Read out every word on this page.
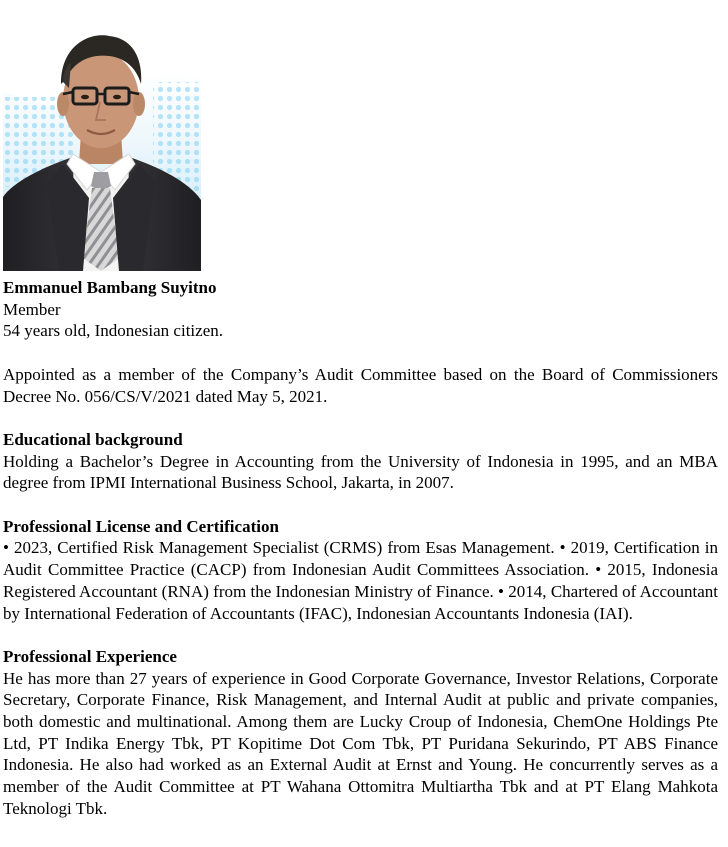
Emmanuel Bambang Suyitno

Member

54 years old, Indonesian citizen.

Appointed as a member of the Company’s Audit Committee based on the Board of Commissioners Decree No. 056/CS/V/2021 dated May 5, 2021.

Educational background

Holding a Bachelor’s Degree in Accounting from the University of Indonesia in 1995, and an MBA degree from IPMI International Business School, Jakarta, in 2007.

Professional License and Certification

• 2023, Certified Risk Management Specialist (CRMS) from Esas Management. • 2019, Certification in Audit Committee Practice (CACP) from Indonesian Audit Committees Association. • 2015, Indonesia Registered Accountant (RNA) from the Indonesian Ministry of Finance. • 2014, Chartered of Accountant by International Federation of Accountants (IFAC), Indonesian Accountants Indonesia (IAI).

Professional Experience

He has more than 27 years of experience in Good Corporate Governance, Investor Relations, Corporate Secretary, Corporate Finance, Risk Management, and Internal Audit at public and private companies, both domestic and multinational. Among them are Lucky Croup of Indonesia, ChemOne Holdings Pte Ltd, PT Indika Energy Tbk, PT Kopitime Dot Com Tbk, PT Puridana Sekurindo, PT ABS Finance Indonesia. He also had worked as an External Audit at Ernst and Young. He concurrently serves as a member of the Audit Committee at PT Wahana Ottomitra Multiartha Tbk and at PT Elang Mahkota Teknologi Tbk.
